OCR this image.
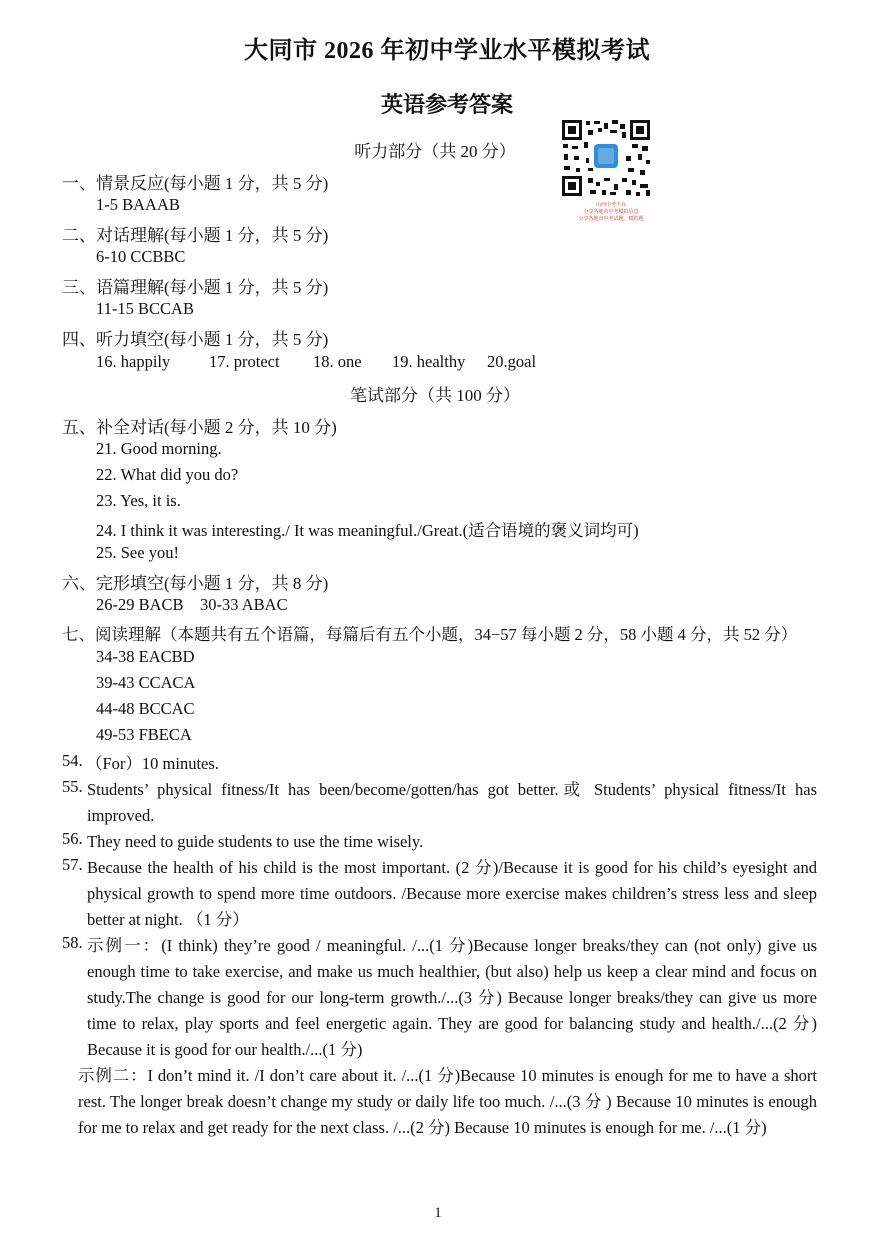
大同市 2026 年初中学业水平模拟考试
英语参考答案
山西中考平台
分享各地市中考模拟信息
分享各地市中考试题、模拟题
听力部分（共 20 分）
一、情景反应(每小题 1 分，共 5 分)
1-5 BAAAB
二、对话理解(每小题 1 分，共 5 分)
6-10 CCBBC
三、语篇理解(每小题 1 分，共 5 分)
11-15 BCCAB
四、听力填空(每小题 1 分，共 5 分)
16. happily 17. protect 18. one 19. healthy 20.goal
笔试部分（共 100 分）
五、补全对话(每小题 2 分，共 10 分)
21. Good morning.
22. What did you do?
23. Yes, it is.
24. I think it was interesting./ It was meaningful./Great.(适合语境的褒义词均可)
25. See you!
六、完形填空(每小题 1 分，共 8 分)
26-29 BACB    30-33 ABAC
七、阅读理解（本题共有五个语篇，每篇后有五个小题，34−57 每小题 2 分，58 小题 4 分，共 52 分）
34-38 EACBD
39-43 CCACA
44-48 BCCAC
49-53 FBECA
54. （For）10 minutes.
55. Students’ physical fitness/It has been/become/gotten/has got better.或 Students’ physical fitness/It has improved.
56. They need to guide students to use the time wisely.
57. Because the health of his child is the most important. (2 分)/Because it is good for his child’s eyesight and physical growth to spend more time outdoors. /Because more exercise makes children’s stress less and sleep better at night. （1 分）
58. 示例一：(I think) they’re good / meaningful. /...(1 分)Because longer breaks/they can (not only) give us enough time to take exercise, and make us much healthier, (but also) help us keep a clear mind and focus on study.The change is good for our long-term growth./...(3 分) Because longer breaks/they can give us more time to relax, play sports and feel energetic again. They are good for balancing study and health./...(2 分) Because it is good for our health./...(1 分)
示例二：I don’t mind it. /I don’t care about it. /...(1 分)Because 10 minutes is enough for me to have a short rest. The longer break doesn’t change my study or daily life too much. /...(3 分 ) Because 10 minutes is enough for me to relax and get ready for the next class. /...(2 分) Because 10 minutes is enough for me. /...(1 分)
1
